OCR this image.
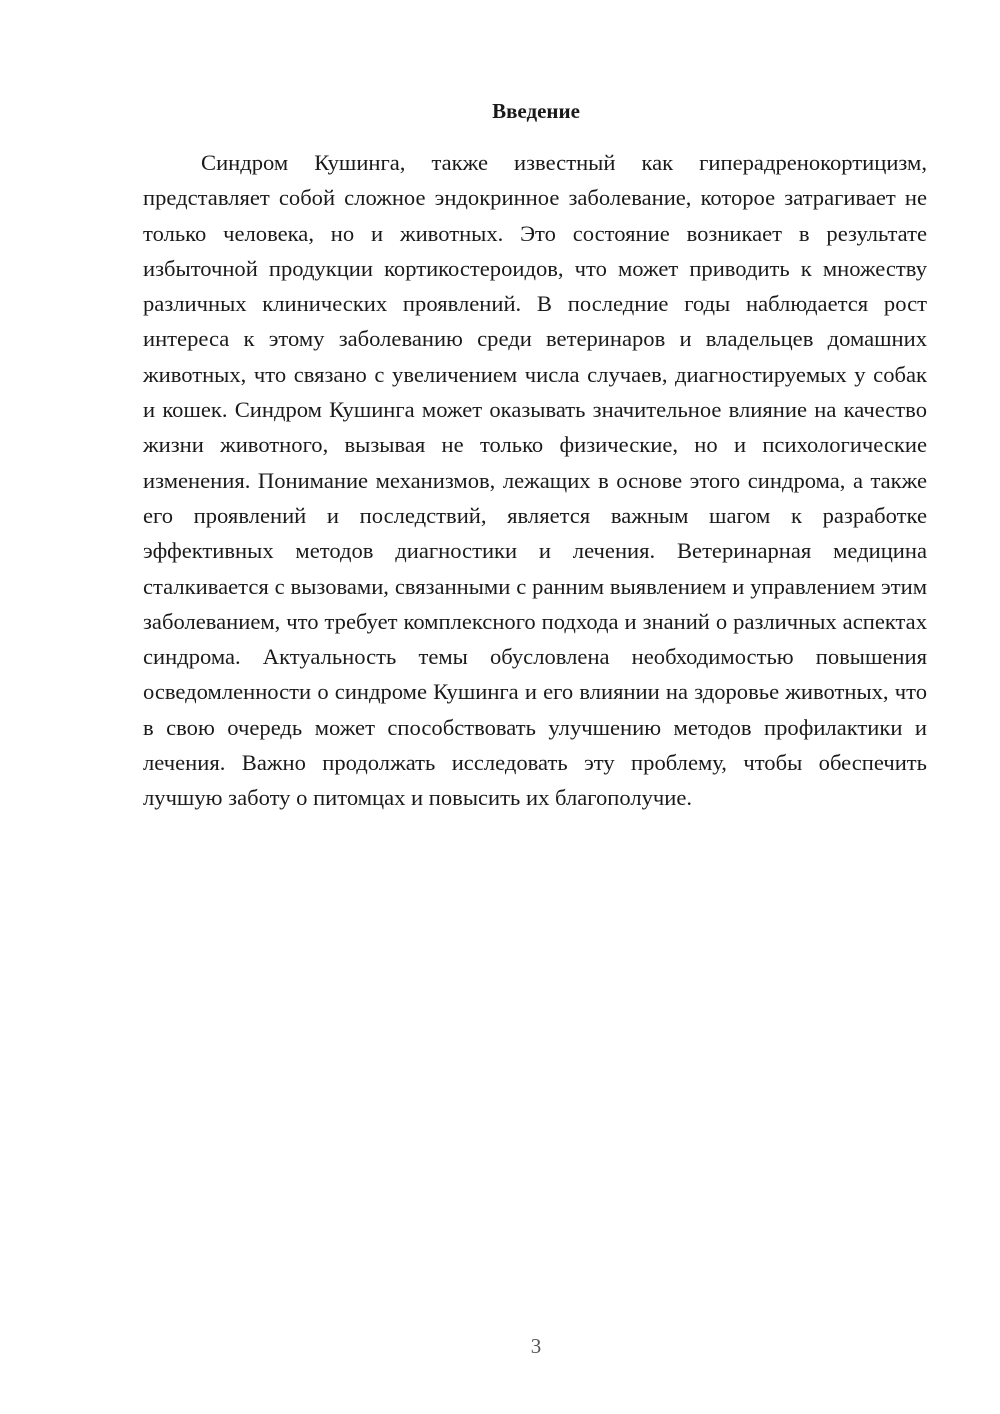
Введение

Синдром Кушинга, также известный как гиперадренокортицизм, представляет собой сложное эндокринное заболевание, которое затрагивает не только человека, но и животных. Это состояние возникает в результате избыточной продукции кортикостероидов, что может приводить к множеству различных клинических проявлений. В последние годы наблюдается рост интереса к этому заболеванию среди ветеринаров и владельцев домашних животных, что связано с увеличением числа случаев, диагностируемых у собак и кошек. Синдром Кушинга может оказывать значительное влияние на качество жизни животного, вызывая не только физические, но и психологические изменения. Понимание механизмов, лежащих в основе этого синдрома, а также его проявлений и последствий, является важным шагом к разработке эффективных методов диагностики и лечения. Ветеринарная медицина сталкивается с вызовами, связанными с ранним выявлением и управлением этим заболеванием, что требует комплексного подхода и знаний о различных аспектах синдрома. Актуальность темы обусловлена необходимостью повышения осведомленности о синдроме Кушинга и его влиянии на здоровье животных, что в свою очередь может способствовать улучшению методов профилактики и лечения. Важно продолжать исследовать эту проблему, чтобы обеспечить лучшую заботу о питомцах и повысить их благополучие.

3
